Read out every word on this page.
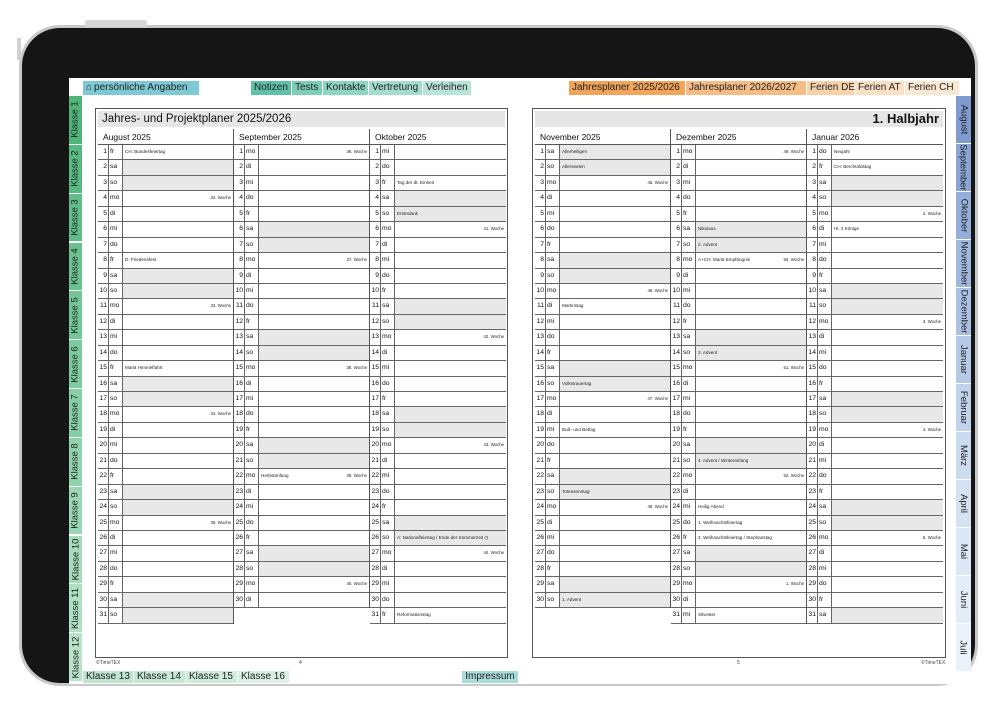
⌂ persönliche Angaben	Notizen Tests Kontakte Vertretung Verleihen	Jahresplaner 2025/2026 Jahresplaner 2026/2027	Ferien DE Ferien AT Ferien CH
Klasse 1
Klasse 2
Klasse 3
Klasse 4
Klasse 5
Klasse 6
Klasse 7
Klasse 8
Klasse 9
Klasse 10
Klasse 11
Klasse 12
August
September
Oktober
November
Dezember
Januar
Februar
März
April
Mai
Juni
Juli
Jahres- und Projektplaner 2025/2026
August 2025
1 fr	CH: Bundesfeiertag
2 sa
3 so
4 mo	32. Woche
5 di
6 mi
7 do
8 fr	D: Friedensfest
9 sa
10 so
11 mo	33. Woche
12 di
13 mi
14 do
15 fr	Mariä Himmelfahrt
16 sa
17 so
18 mo	34. Woche
19 di
20 mi
21 do
22 fr
23 sa
24 so
25 mo	35. Woche
26 di
27 mi
28 do
29 fr
30 sa
31 so
September 2025
1 mo	36. Woche
2 di
3 mi
4 do
5 fr
6 sa
7 so
8 mo	37. Woche
9 di
10 mi
11 do
12 fr
13 sa
14 so
15 mo	38. Woche
16 di
17 mi
18 do
19 fr
20 sa
21 so
22 mo	Herbstanfang	39. Woche
23 di
24 mi
25 do
26 fr
27 sa
28 so
29 mo	40. Woche
30 di
Oktober 2025
1 mi
2 do
3 fr	Tag der dt. Einheit
4 sa
5 so	Erntedank
6 mo	41. Woche
7 di
8 mi
9 do
10 fr
11 sa
12 so
13 mo	42. Woche
14 di
15 mi
16 do
17 fr
18 sa
19 so
20 mo	43. Woche
21 di
22 mi
23 do
24 fr
25 sa
26 so	A: Nationalfeiertag / Ende der Sommerzeit ◷
27 mo	44. Woche
28 di
29 mi
30 do
31 fr	Reformationstag
1. Halbjahr
November 2025
1 sa	Allerheiligen
2 so	Allerseelen
3 mo	45. Woche
4 di
5 mi
6 do
7 fr
8 sa
9 so
10 mo	46. Woche
11 di	Martinstag
12 mi
13 do
14 fr
15 sa
16 so	Volkstrauertag
17 mo	47. Woche
18 di
19 mi	Buß- und Bettag
20 do
21 fr
22 sa
23 so	Totensonntag
24 mo	48. Woche
25 di
26 mi
27 do
28 fr
29 sa
30 so	1. Advent
Dezember 2025
1 mo	49. Woche
2 di
3 mi
4 do
5 fr
6 sa	Nikolaus
7 so	2. Advent
8 mo	A+CH: Mariä Empfängnis	50. Woche
9 di
10 mi
11 do
12 fr
13 sa
14 so	3. Advent
15 mo	51. Woche
16 di
17 mi
18 do
19 fr
20 sa
21 so	4. Advent / Winteranfang
22 mo	52. Woche
23 di
24 mi	Heilig Abend
25 do	1. Weihnachtsfeiertag
26 fr	2. Weihnachtsfeiertag / Stephanstag
27 sa
28 so
29 mo	1. Woche
30 di
31 mi	Silvester
Januar 2026
1 do	Neujahr
2 fr	CH: Berchtoldstag
3 sa
4 so
5 mo	2. Woche
6 di	Hl. 3 Könige
7 mi
8 do
9 fr
10 sa
11 so
12 mo	3. Woche
13 di
14 mi
15 do
16 fr
17 sa
18 so
19 mo	4. Woche
20 di
21 mi
22 do
23 fr
24 sa
25 so
26 mo	5. Woche
27 di
28 mi
29 do
30 fr
31 sa
©TimeTEX	4	5	©TimeTEX
Klasse 13 Klasse 14 Klasse 15 Klasse 16	Impressum
